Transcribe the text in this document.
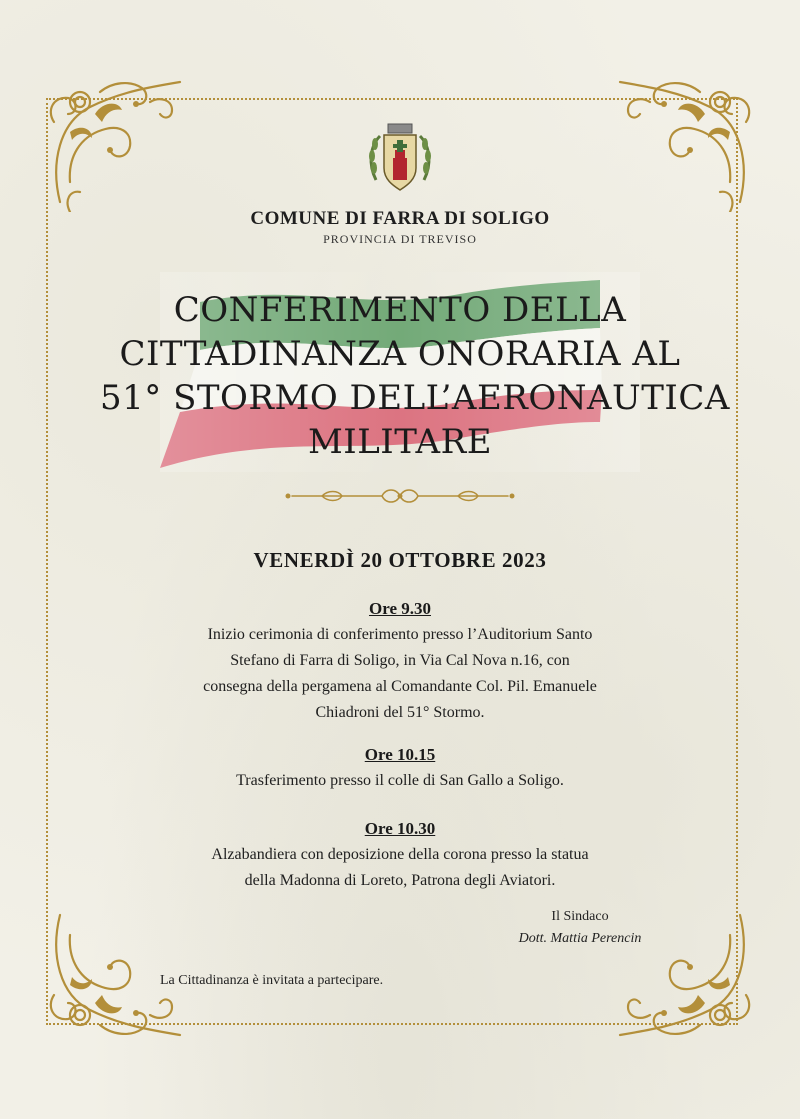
COMUNE DI FARRA DI SOLIGO
PROVINCIA DI TREVISO
CONFERIMENTO DELLA
CITTADINANZA ONORARIA AL
51° STORMO DELL’AERONAUTICA
MILITARE
VENERDÌ 20 OTTOBRE 2023
Ore 9.30
Inizio cerimonia di conferimento presso l’Auditorium Santo
Stefano di Farra di Soligo, in Via Cal Nova n.16, con
consegna della pergamena al Comandante Col. Pil. Emanuele
Chiadroni del 51° Stormo.
Ore 10.15
Trasferimento presso il colle di San Gallo a Soligo.
Ore 10.30
Alzabandiera con deposizione della corona presso la statua
della Madonna di Loreto, Patrona degli Aviatori.
Il Sindaco
Dott. Mattia Perencin
La Cittadinanza è invitata a partecipare.
